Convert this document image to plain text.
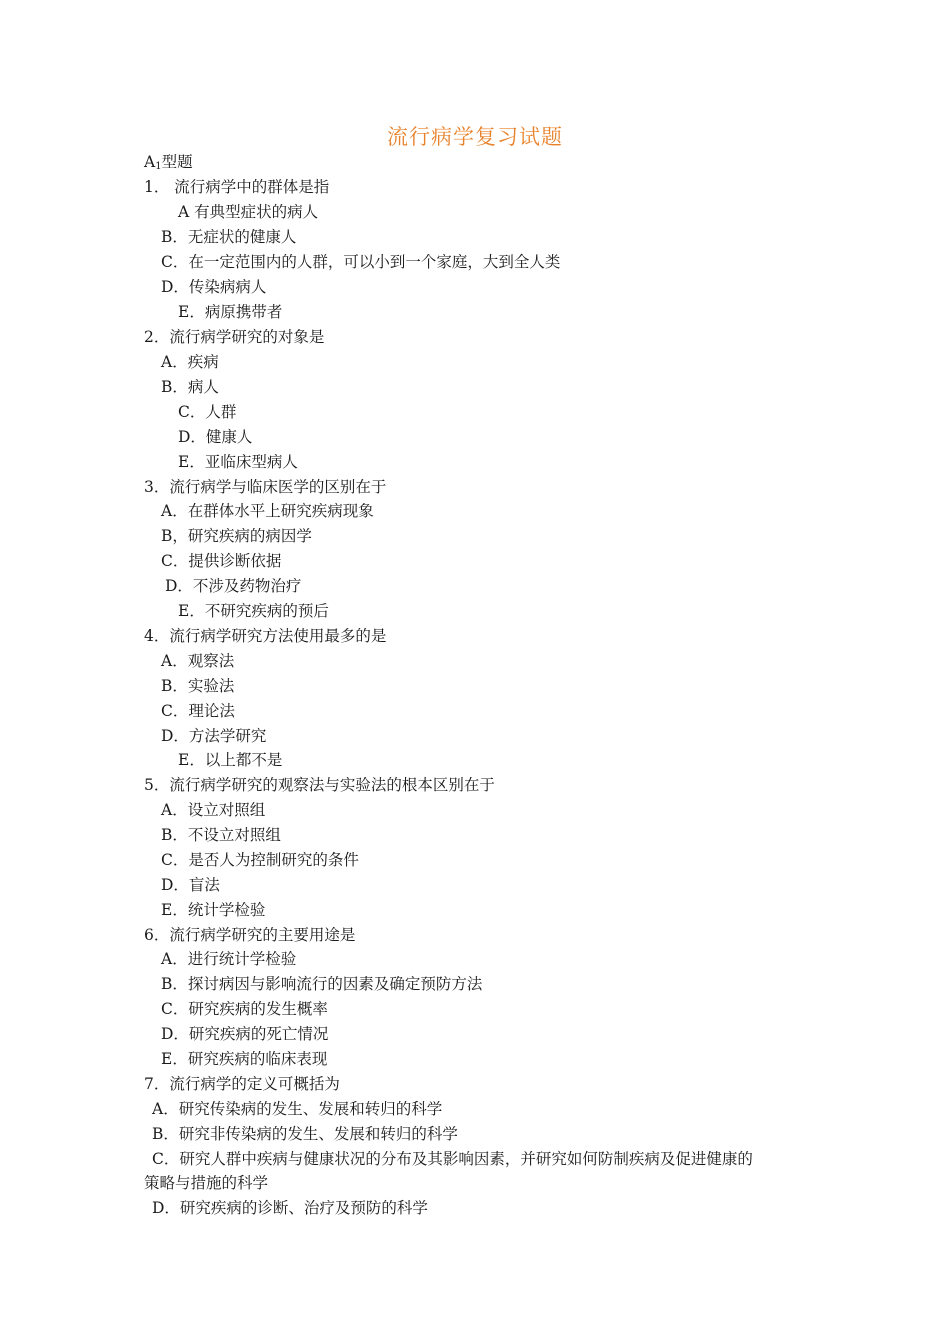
流行病学复习试题
$A_1$型题
1． 流行病学中的群体是指
A 有典型症状的病人
B．无症状的健康人
C．在一定范围内的人群，可以小到一个家庭，大到全人类
D．传染病病人
E．病原携带者
2．流行病学研究的对象是
A．疾病
B．病人
C．人群
D．健康人
E．亚临床型病人
3．流行病学与临床医学的区别在于
A．在群体水平上研究疾病现象
B，研究疾病的病因学
C．提供诊断依据
D．不涉及药物治疗
E．不研究疾病的预后
4．流行病学研究方法使用最多的是
A．观察法
B．实验法
C．理论法
D．方法学研究
E．以上都不是
5．流行病学研究的观察法与实验法的根本区别在于
A．设立对照组
B．不设立对照组
C．是否人为控制研究的条件
D．盲法
E．统计学检验
6．流行病学研究的主要用途是
A．进行统计学检验
B．探讨病因与影响流行的因素及确定预防方法
C．研究疾病的发生概率
D．研究疾病的死亡情况
E．研究疾病的临床表现
7．流行病学的定义可概括为
A．研究传染病的发生、发展和转归的科学
B．研究非传染病的发生、发展和转归的科学
C．研究人群中疾病与健康状况的分布及其影响因素，并研究如何防制疾病及促进健康的
策略与措施的科学
D．研究疾病的诊断、治疗及预防的科学
